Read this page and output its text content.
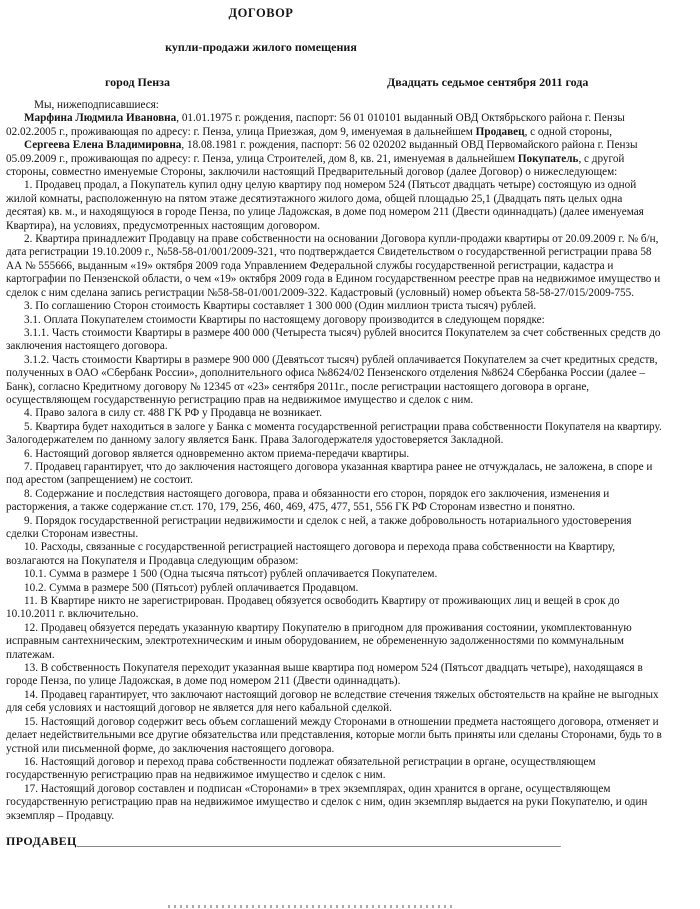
ДОГОВОР
купли-продажи жилого помещения
город Пенза	Двадцать седьмое сентября 2011 года

Мы, нижеподписавшиеся:

Марфина Людмила Ивановна, 01.01.1975 г. рождения, паспорт: 56 01 010101 выданный ОВД Октябрьского района г. Пензы 02.02.2005 г., проживающая по адресу: г. Пенза, улица Приезжая, дом 9, именуемая в дальнейшем Продавец, с одной стороны,

Сергеева Елена Владимировна, 18.08.1981 г. рождения, паспорт: 56 02 020202 выданный ОВД Первомайского района г. Пензы 05.09.2009 г., проживающая по адресу: г. Пенза, улица Строителей, дом 8, кв. 21, именуемая в дальнейшем Покупатель, с другой стороны, совместно именуемые Стороны, заключили настоящий Предварительный договор (далее Договор) о нижеследующем:

1. Продавец продал, а Покупатель купил одну целую квартиру под номером 524 (Пятьсот двадцать четыре) состоящую из одной жилой комнаты, расположенную на пятом этаже десятиэтажного жилого дома, общей площадью 25,1 (Двадцать пять целых одна десятая) кв. м., и находящуюся в городе Пенза, по улице Ладожская, в доме под номером 211 (Двести одиннадцать) (далее именуемая Квартира), на условиях, предусмотренных настоящим договором.

2. Квартира принадлежит Продавцу на праве собственности на основании Договора купли-продажи квартиры от 20.09.2009 г. № б/н, дата регистрации 19.10.2009 г., №58-58-01/001/2009-321, что подтверждается Свидетельством о государственной регистрации права 58 АА № 555666, выданным «19» октября 2009 года Управлением Федеральной службы государственной регистрации, кадастра и картографии по Пензенской области, о чем «19» октября 2009 года в Едином государственном реестре прав на недвижимое имущество и сделок с ним сделана запись регистрации №58-58-01/001/2009-322. Кадастровый (условный) номер объекта 58-58-27/015/2009-755.

3. По соглашению Сторон стоимость Квартиры составляет 1 300 000 (Один миллион триста тысяч) рублей.

3.1. Оплата Покупателем стоимости Квартиры по настоящему договору производится в следующем порядке:

3.1.1. Часть стоимости Квартиры в размере 400 000 (Четыреста тысяч) рублей вносится Покупателем за счет собственных средств до заключения настоящего договора.

3.1.2. Часть стоимости Квартиры в размере 900 000 (Девятьсот тысяч) рублей оплачивается Покупателем за счет кредитных средств, полученных в ОАО «Сбербанк России», дополнительного офиса №8624/02 Пензенского отделения №8624 Сбербанка России (далее – Банк), согласно Кредитному договору № 12345 от «23» сентября 2011г., после регистрации настоящего договора в органе, осуществляющем государственную регистрацию прав на недвижимое имущество и сделок с ним.

4. Право залога в силу ст. 488 ГК РФ у Продавца не возникает.

5. Квартира будет находиться в залоге у Банка с момента государственной регистрации права собственности Покупателя на квартиру. Залогодержателем по данному залогу является Банк. Права Залогодержателя удостоверяется Закладной.

6. Настоящий договор является одновременно актом приема-передачи квартиры.

7. Продавец гарантирует, что до заключения настоящего договора указанная квартира ранее не отчуждалась, не заложена, в споре и под арестом (запрещением) не состоит.

8. Содержание и последствия настоящего договора, права и обязанности его сторон, порядок его заключения, изменения и расторжения, а также содержание ст.ст. 170, 179, 256, 460, 469, 475, 477, 551, 556 ГК РФ Сторонам известно и понятно.

9. Порядок государственной регистрации недвижимости и сделок с ней, а также добровольность нотариального удостоверения сделки Сторонам известны.

10. Расходы, связанные с государственной регистрацией настоящего договора и перехода права собственности на Квартиру, возлагаются на Покупателя и Продавца следующим образом:

10.1. Сумма в размере 1 500 (Одна тысяча пятьсот) рублей оплачивается Покупателем.

10.2. Сумма в размере 500 (Пятьсот) рублей оплачивается Продавцом.

11. В Квартире никто не зарегистрирован. Продавец обязуется освободить Квартиру от проживающих лиц и вещей в срок до 10.10.2011 г. включительно.

12. Продавец обязуется передать указанную квартиру Покупателю в пригодном для проживания состоянии, укомплектованную исправным сантехническим, электротехническим и иным оборудованием, не обремененную задолженностями по коммунальным платежам.

13. В собственность Покупателя переходит указанная выше квартира под номером 524 (Пятьсот двадцать четыре), находящаяся в городе Пенза, по улице Ладожская, в доме под номером 211 (Двести одиннадцать).

14. Продавец гарантирует, что заключают настоящий договор не вследствие стечения тяжелых обстоятельств на крайне не выгодных для себя условиях и настоящий договор не является для него кабальной сделкой.

15. Настоящий договор содержит весь объем соглашений между Сторонами в отношении предмета настоящего договора, отменяет и делает недействительными все другие обязательства или представления, которые могли быть приняты или сделаны Сторонами, будь то в устной или письменной форме, до заключения настоящего договора.

16. Настоящий договор и переход права собственности подлежат обязательной регистрации в органе, осуществляющем государственную регистрацию прав на недвижимое имущество и сделок с ним.

17. Настоящий договор составлен и подписан «Сторонами» в трех экземплярах, один хранится в органе, осуществляющем государственную регистрацию прав на недвижимое имущество и сделок с ним, один экземпляр выдается на руки Покупателю, и один экземпляр – Продавцу.

ПРОДАВЕЦ________________________________________________________________________________________
